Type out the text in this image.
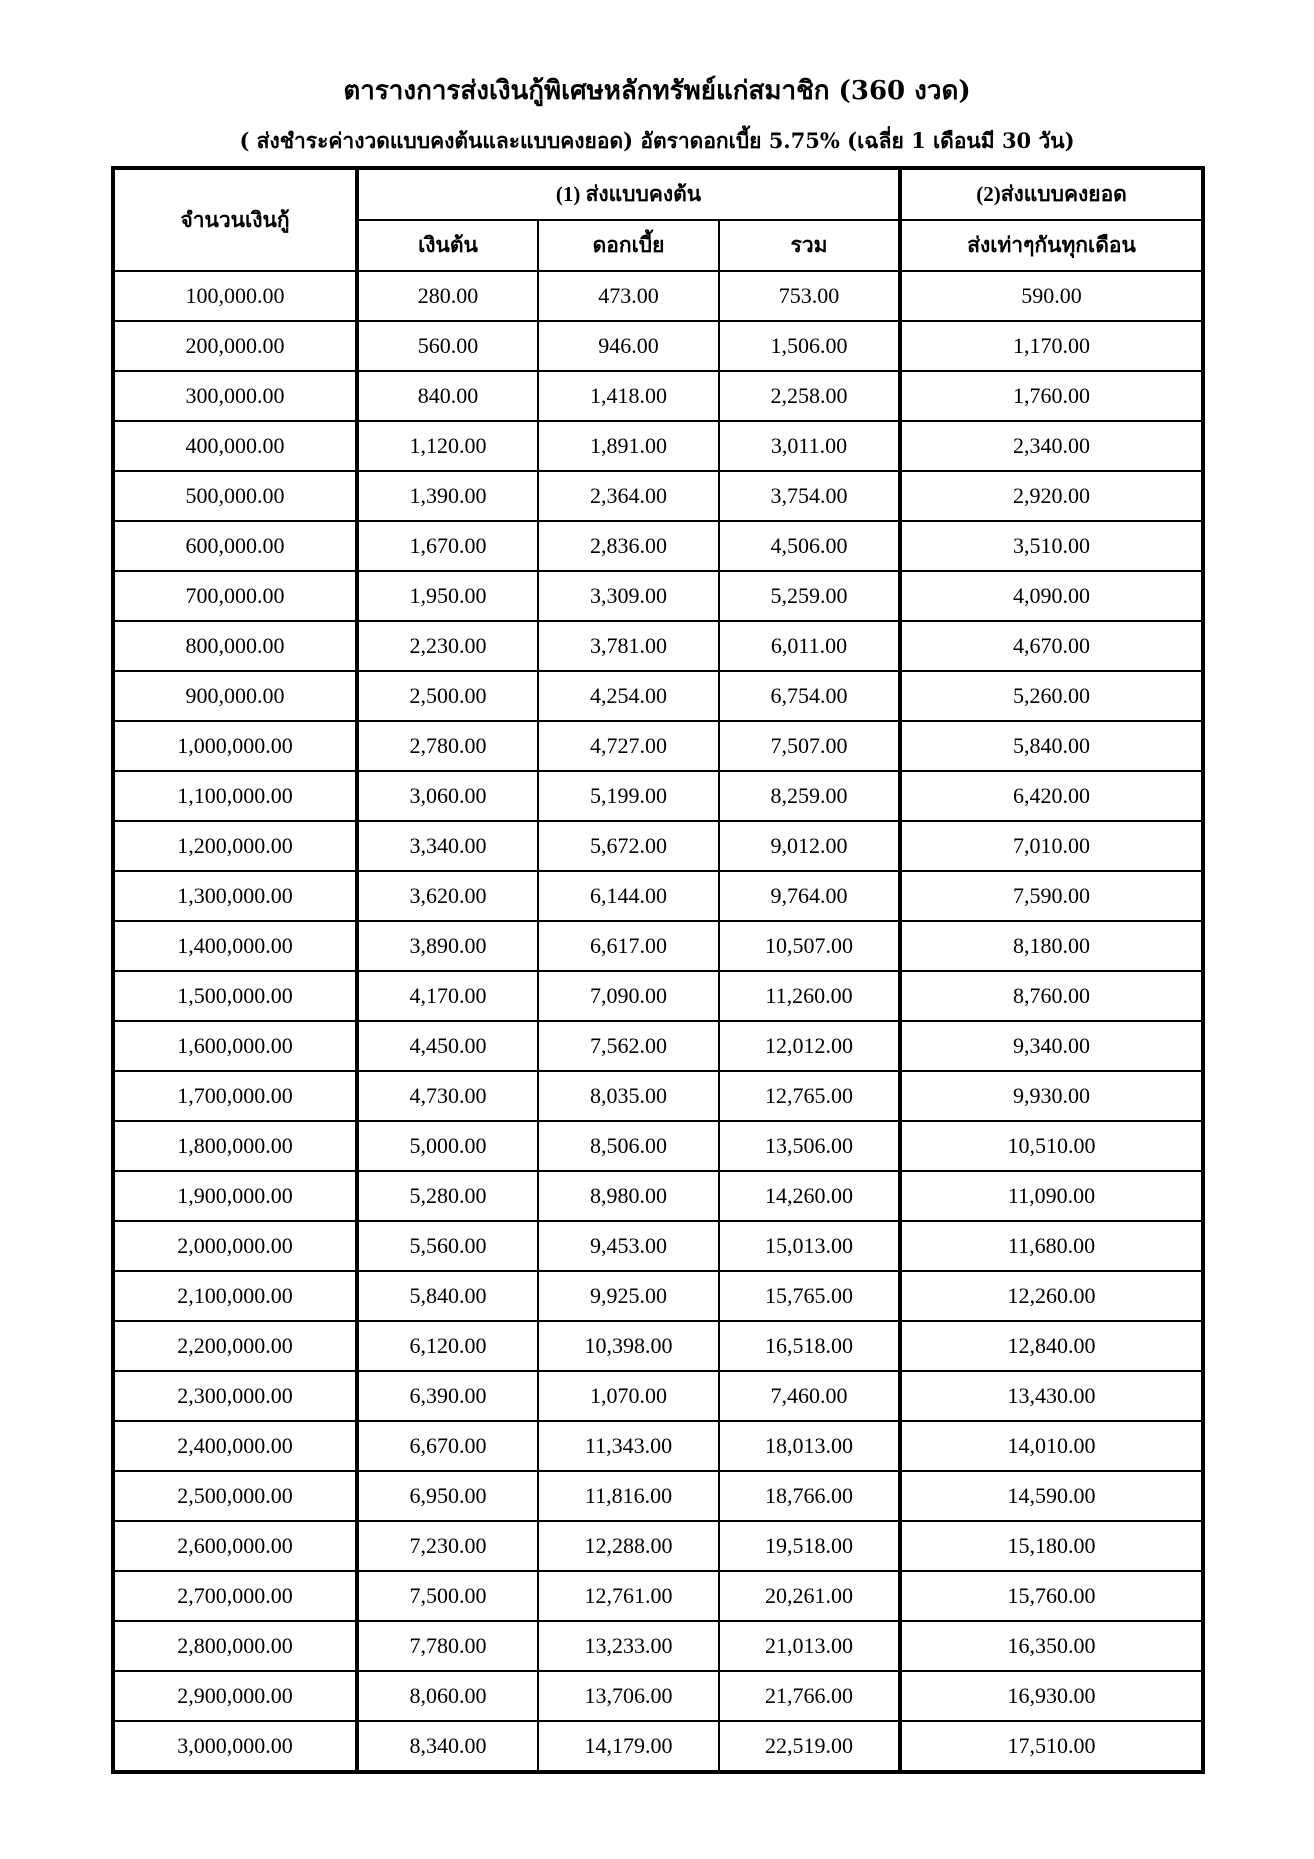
ตารางการส่งเงินกู้พิเศษหลักทรัพย์แก่สมาชิก (360 งวด)
( ส่งชำระค่างวดแบบคงต้นและแบบคงยอด) อัตราดอกเบี้ย 5.75% (เฉลี่ย 1 เดือนมี 30 วัน)
จำนวนเงินกู้	(1) ส่งแบบคงต้น			(2)ส่งแบบคงยอด
	เงินต้น	ดอกเบี้ย	รวม	ส่งเท่าๆกันทุกเดือน
100,000.00	280.00	473.00	753.00	590.00
200,000.00	560.00	946.00	1,506.00	1,170.00
300,000.00	840.00	1,418.00	2,258.00	1,760.00
400,000.00	1,120.00	1,891.00	3,011.00	2,340.00
500,000.00	1,390.00	2,364.00	3,754.00	2,920.00
600,000.00	1,670.00	2,836.00	4,506.00	3,510.00
700,000.00	1,950.00	3,309.00	5,259.00	4,090.00
800,000.00	2,230.00	3,781.00	6,011.00	4,670.00
900,000.00	2,500.00	4,254.00	6,754.00	5,260.00
1,000,000.00	2,780.00	4,727.00	7,507.00	5,840.00
1,100,000.00	3,060.00	5,199.00	8,259.00	6,420.00
1,200,000.00	3,340.00	5,672.00	9,012.00	7,010.00
1,300,000.00	3,620.00	6,144.00	9,764.00	7,590.00
1,400,000.00	3,890.00	6,617.00	10,507.00	8,180.00
1,500,000.00	4,170.00	7,090.00	11,260.00	8,760.00
1,600,000.00	4,450.00	7,562.00	12,012.00	9,340.00
1,700,000.00	4,730.00	8,035.00	12,765.00	9,930.00
1,800,000.00	5,000.00	8,506.00	13,506.00	10,510.00
1,900,000.00	5,280.00	8,980.00	14,260.00	11,090.00
2,000,000.00	5,560.00	9,453.00	15,013.00	11,680.00
2,100,000.00	5,840.00	9,925.00	15,765.00	12,260.00
2,200,000.00	6,120.00	10,398.00	16,518.00	12,840.00
2,300,000.00	6,390.00	1,070.00	7,460.00	13,430.00
2,400,000.00	6,670.00	11,343.00	18,013.00	14,010.00
2,500,000.00	6,950.00	11,816.00	18,766.00	14,590.00
2,600,000.00	7,230.00	12,288.00	19,518.00	15,180.00
2,700,000.00	7,500.00	12,761.00	20,261.00	15,760.00
2,800,000.00	7,780.00	13,233.00	21,013.00	16,350.00
2,900,000.00	8,060.00	13,706.00	21,766.00	16,930.00
3,000,000.00	8,340.00	14,179.00	22,519.00	17,510.00
